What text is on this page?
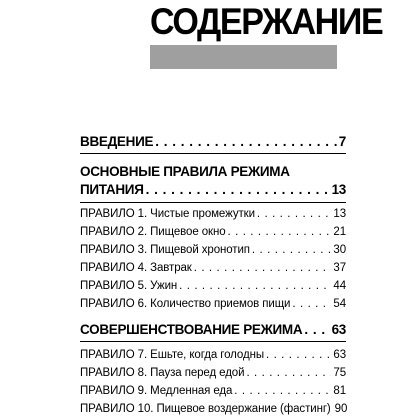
СОДЕРЖАНИЕ
ВВЕДЕНИЕ . . .	7
ОСНОВНЫЕ ПРАВИЛА РЕЖИМА
ПИТАНИЯ . . .	13
ПРАВИЛО 1. Чистые промежутки . . .	13
ПРАВИЛО 2. Пищевое окно . . .	21
ПРАВИЛО 3. Пищевой хронотип . . .	30
ПРАВИЛО 4. Завтрак . . .	37
ПРАВИЛО 5. Ужин . . .	44
ПРАВИЛО 6. Количество приемов пищи . . .	54
СОВЕРШЕНСТВОВАНИЕ РЕЖИМА . . . 63
ПРАВИЛО 7. Ешьте, когда голодны . . .	63
ПРАВИЛО 8. Пауза перед едой . . .	75
ПРАВИЛО 9. Медленная еда . . .	81
ПРАВИЛО 10. Пищевое воздержание (фастинг) 90
